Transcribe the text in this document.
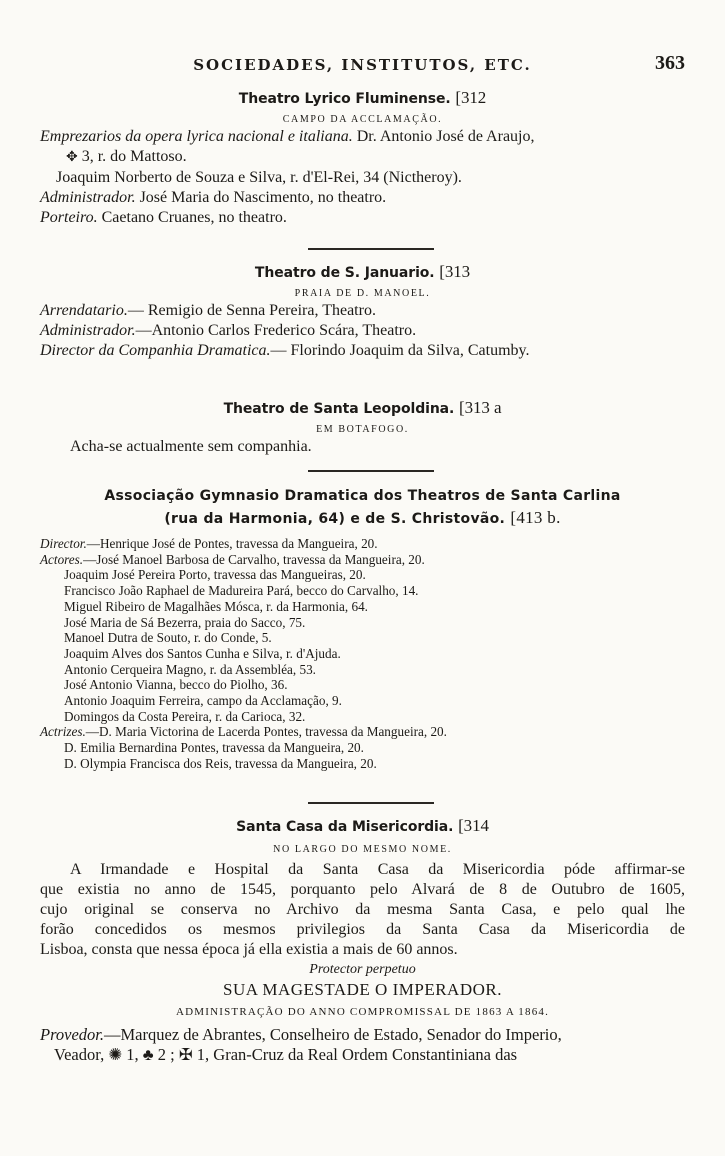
SOCIEDADES, INSTITUTOS, ETC.	363
Theatro Lyrico Fluminense. [312
CAMPO DA ACCLAMAÇÃO.
Emprezarios da opera lyrica nacional e italiana. Dr. Antonio José de Araujo,
✥ 3, r. do Mattoso.
Joaquim Norberto de Souza e Silva, r. d'El-Rei, 34 (Nictheroy).
Administrador. José Maria do Nascimento, no theatro.
Porteiro. Caetano Cruanes, no theatro.
Theatro de S. Januario. [313
PRAIA DE D. MANOEL.
Arrendatario.— Remigio de Senna Pereira, Theatro.
Administrador.—Antonio Carlos Frederico Scára, Theatro.
Director da Companhia Dramatica.— Florindo Joaquim da Silva, Catumby.
Theatro de Santa Leopoldina. [313 a
EM BOTAFOGO.
Acha-se actualmente sem companhia.
Associação Gymnasio Dramatica dos Theatros de Santa Carlina
(rua da Harmonia, 64) e de S. Christovão. [413 b.
Director.—Henrique José de Pontes, travessa da Mangueira, 20.
Actores.—José Manoel Barbosa de Carvalho, travessa da Mangueira, 20.
Joaquim José Pereira Porto, travessa das Mangueiras, 20.
Francisco João Raphael de Madureira Pará, becco do Carvalho, 14.
Miguel Ribeiro de Magalhães Mósca, r. da Harmonia, 64.
José Maria de Sá Bezerra, praia do Sacco, 75.
Manoel Dutra de Souto, r. do Conde, 5.
Joaquim Alves dos Santos Cunha e Silva, r. d'Ajuda.
Antonio Cerqueira Magno, r. da Assembléa, 53.
José Antonio Vianna, becco do Piolho, 36.
Antonio Joaquim Ferreira, campo da Acclamação, 9.
Domingos da Costa Pereira, r. da Carioca, 32.
Actrizes.—D. Maria Victorina de Lacerda Pontes, travessa da Mangueira, 20.
D. Emilia Bernardina Pontes, travessa da Mangueira, 20.
D. Olympia Francisca dos Reis, travessa da Mangueira, 20.
Santa Casa da Misericordia. [314
NO LARGO DO MESMO NOME.
A Irmandade e Hospital da Santa Casa da Misericordia póde affirmar-se
que existia no anno de 1545, porquanto pelo Alvará de 8 de Outubro de 1605,
cujo original se conserva no Archivo da mesma Santa Casa, e pelo qual lhe
forão concedidos os mesmos privilegios da Santa Casa da Misericordia de
Lisboa, consta que nessa época já ella existia a mais de 60 annos.
Protector perpetuo
SUA MAGESTADE O IMPERADOR.
ADMINISTRAÇÃO DO ANNO COMPROMISSAL DE 1863 A 1864.
Provedor.—Marquez de Abrantes, Conselheiro de Estado, Senador do Imperio,
Veador, ✺ 1, ♣ 2 ; ✠ 1, Gran-Cruz da Real Ordem Constantiniana das
